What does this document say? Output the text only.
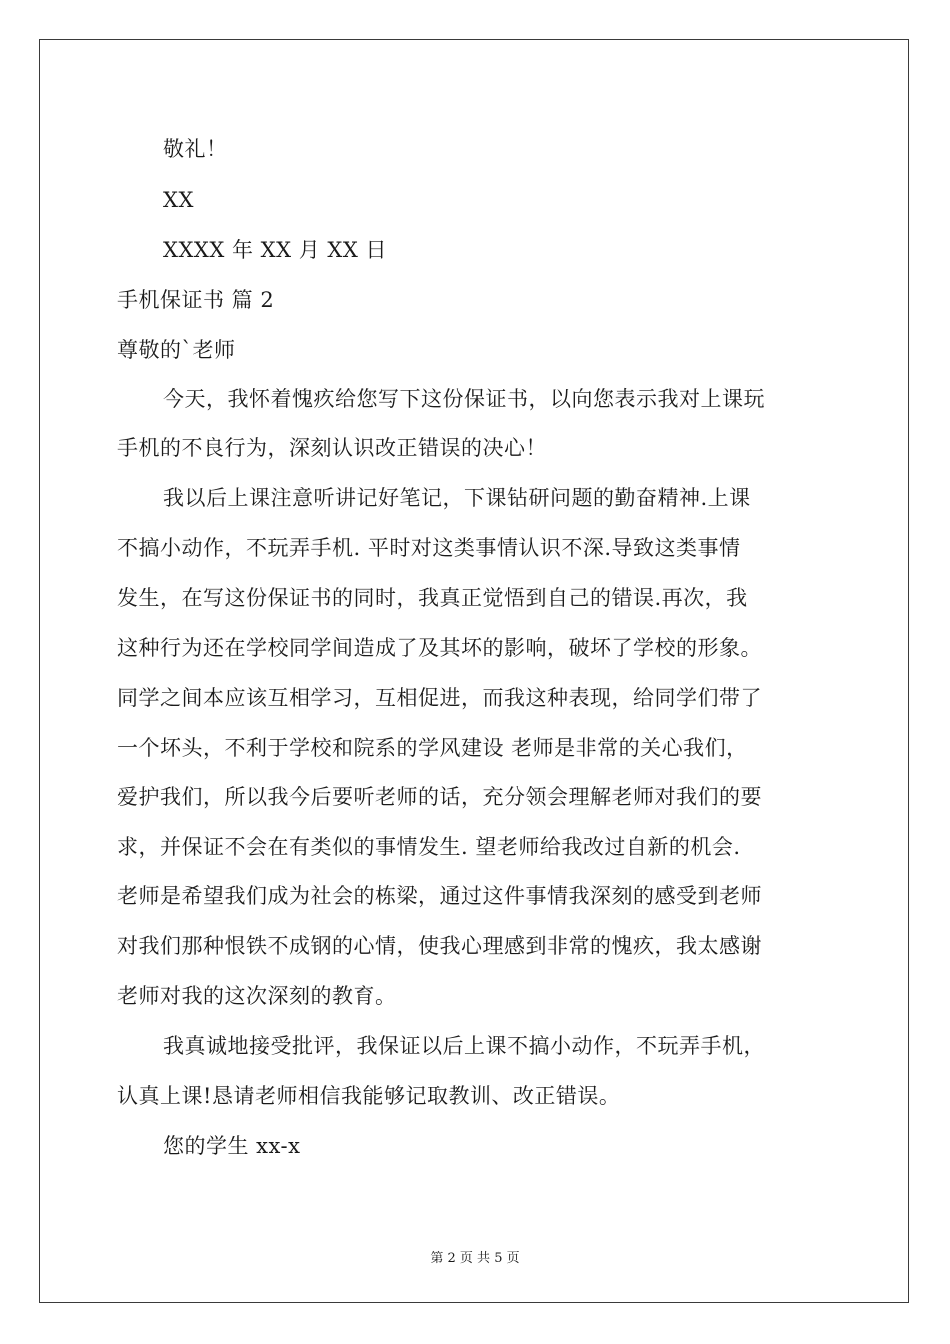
敬礼！

XX

XXXX 年 XX 月 XX 日

手机保证书 篇 2

尊敬的`老师

今天，我怀着愧疚给您写下这份保证书，以向您表示我对上课玩

手机的不良行为，深刻认识改正错误的决心！

我以后上课注意听讲记好笔记，下课钻研问题的勤奋精神.上课

不搞小动作，不玩弄手机. 平时对这类事情认识不深.导致这类事情

发生，在写这份保证书的同时，我真正觉悟到自己的错误.再次，我

这种行为还在学校同学间造成了及其坏的影响，破坏了学校的形象。

同学之间本应该互相学习，互相促进，而我这种表现，给同学们带了

一个坏头，不利于学校和院系的学风建设 老师是非常的关心我们，

爱护我们，所以我今后要听老师的话，充分领会理解老师对我们的要

求，并保证不会在有类似的事情发生. 望老师给我改过自新的机会.

老师是希望我们成为社会的栋梁，通过这件事情我深刻的感受到老师

对我们那种恨铁不成钢的心情，使我心理感到非常的愧疚，我太感谢

老师对我的这次深刻的教育。

我真诚地接受批评，我保证以后上课不搞小动作，不玩弄手机，

认真上课!恳请老师相信我能够记取教训、改正错误。

您的学生 xx-x

第 2 页 共 5 页
